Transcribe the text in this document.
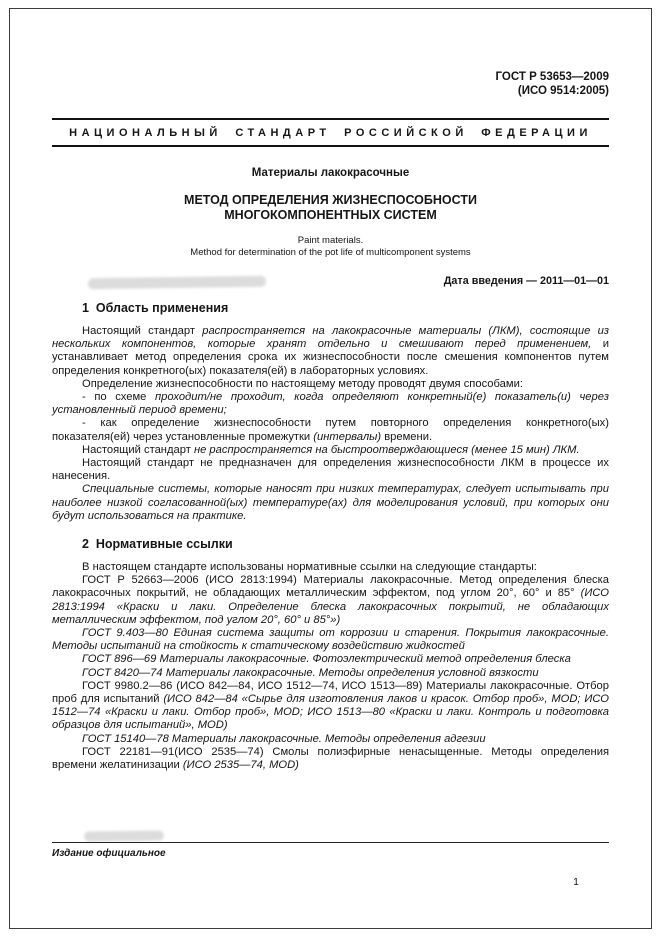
ГОСТ Р 53653—2009
(ИСО 9514:2005)
НАЦИОНАЛЬНЫЙ СТАНДАРТ РОССИЙСКОЙ ФЕДЕРАЦИИ
Материалы лакокрасочные
МЕТОД ОПРЕДЕЛЕНИЯ ЖИЗНЕСПОСОБНОСТИ
МНОГОКОМПОНЕНТНЫХ СИСТЕМ
Paint materials.
Method for determination of the pot life of multicomponent systems
Дата введения — 2011—01—01
1  Область применения

Настоящий стандарт распространяется на лакокрасочные материалы (ЛКМ), состоящие из нескольких компонентов, которые хранят отдельно и смешивают перед применением, и устанавливает метод определения срока их жизнеспособности после смешения компонентов путем определения конкретного(ых) показателя(ей) в лабораторных условиях.

Определение жизнеспособности по настоящему методу проводят двумя способами:

- по схеме проходит/не проходит, когда определяют конкретный(е) показатель(и) через установленный период времени;

- как определение жизнеспособности путем повторного определения конкретного(ых) показателя(ей) через установленные промежутки (интервалы) времени.

Настоящий стандарт не распространяется на быстроотверждающиеся (менее 15 мин) ЛКМ.

Настоящий стандарт не предназначен для определения жизнеспособности ЛКМ в процессе их нанесения.

Специальные системы, которые наносят при низких температурах, следует испытывать при наиболее низкой согласованной(ых) температуре(ах) для моделирования условий, при которых они будут использоваться на практике.

2  Нормативные ссылки

В настоящем стандарте использованы нормативные ссылки на следующие стандарты:

ГОСТ Р 52663—2006 (ИСО 2813:1994) Материалы лакокрасочные. Метод определения блеска лакокрасочных покрытий, не обладающих металлическим эффектом, под углом 20°, 60° и 85° (ИСО 2813:1994 «Краски и лаки. Определение блеска лакокрасочных покрытий, не обладающих металлическим эффектом, под углом 20°, 60° и 85°»)

ГОСТ 9.403—80 Единая система защиты от коррозии и старения. Покрытия лакокрасочные. Методы испытаний на стойкость к статическому воздействию жидкостей

ГОСТ 896—69 Материалы лакокрасочные. Фотоэлектрический метод определения блеска

ГОСТ 8420—74 Материалы лакокрасочные. Методы определения условной вязкости

ГОСТ 9980.2—86 (ИСО 842—84, ИСО 1512—74, ИСО 1513—89) Материалы лакокрасочные. Отбор проб для испытаний (ИСО 842—84 «Сырье для изготовления лаков и красок. Отбор проб», MOD; ИСО 1512—74 «Краски и лаки. Отбор проб», MOD; ИСО 1513—80 «Краски и лаки. Контроль и подготовка образцов для испытаний», MOD)

ГОСТ 15140—78 Материалы лакокрасочные. Методы определения адгезии

ГОСТ 22181—91(ИСО 2535—74) Смолы полиэфирные ненасыщенные. Методы определения времени желатинизации (ИСО 2535—74, MOD)

Издание официальное
1
